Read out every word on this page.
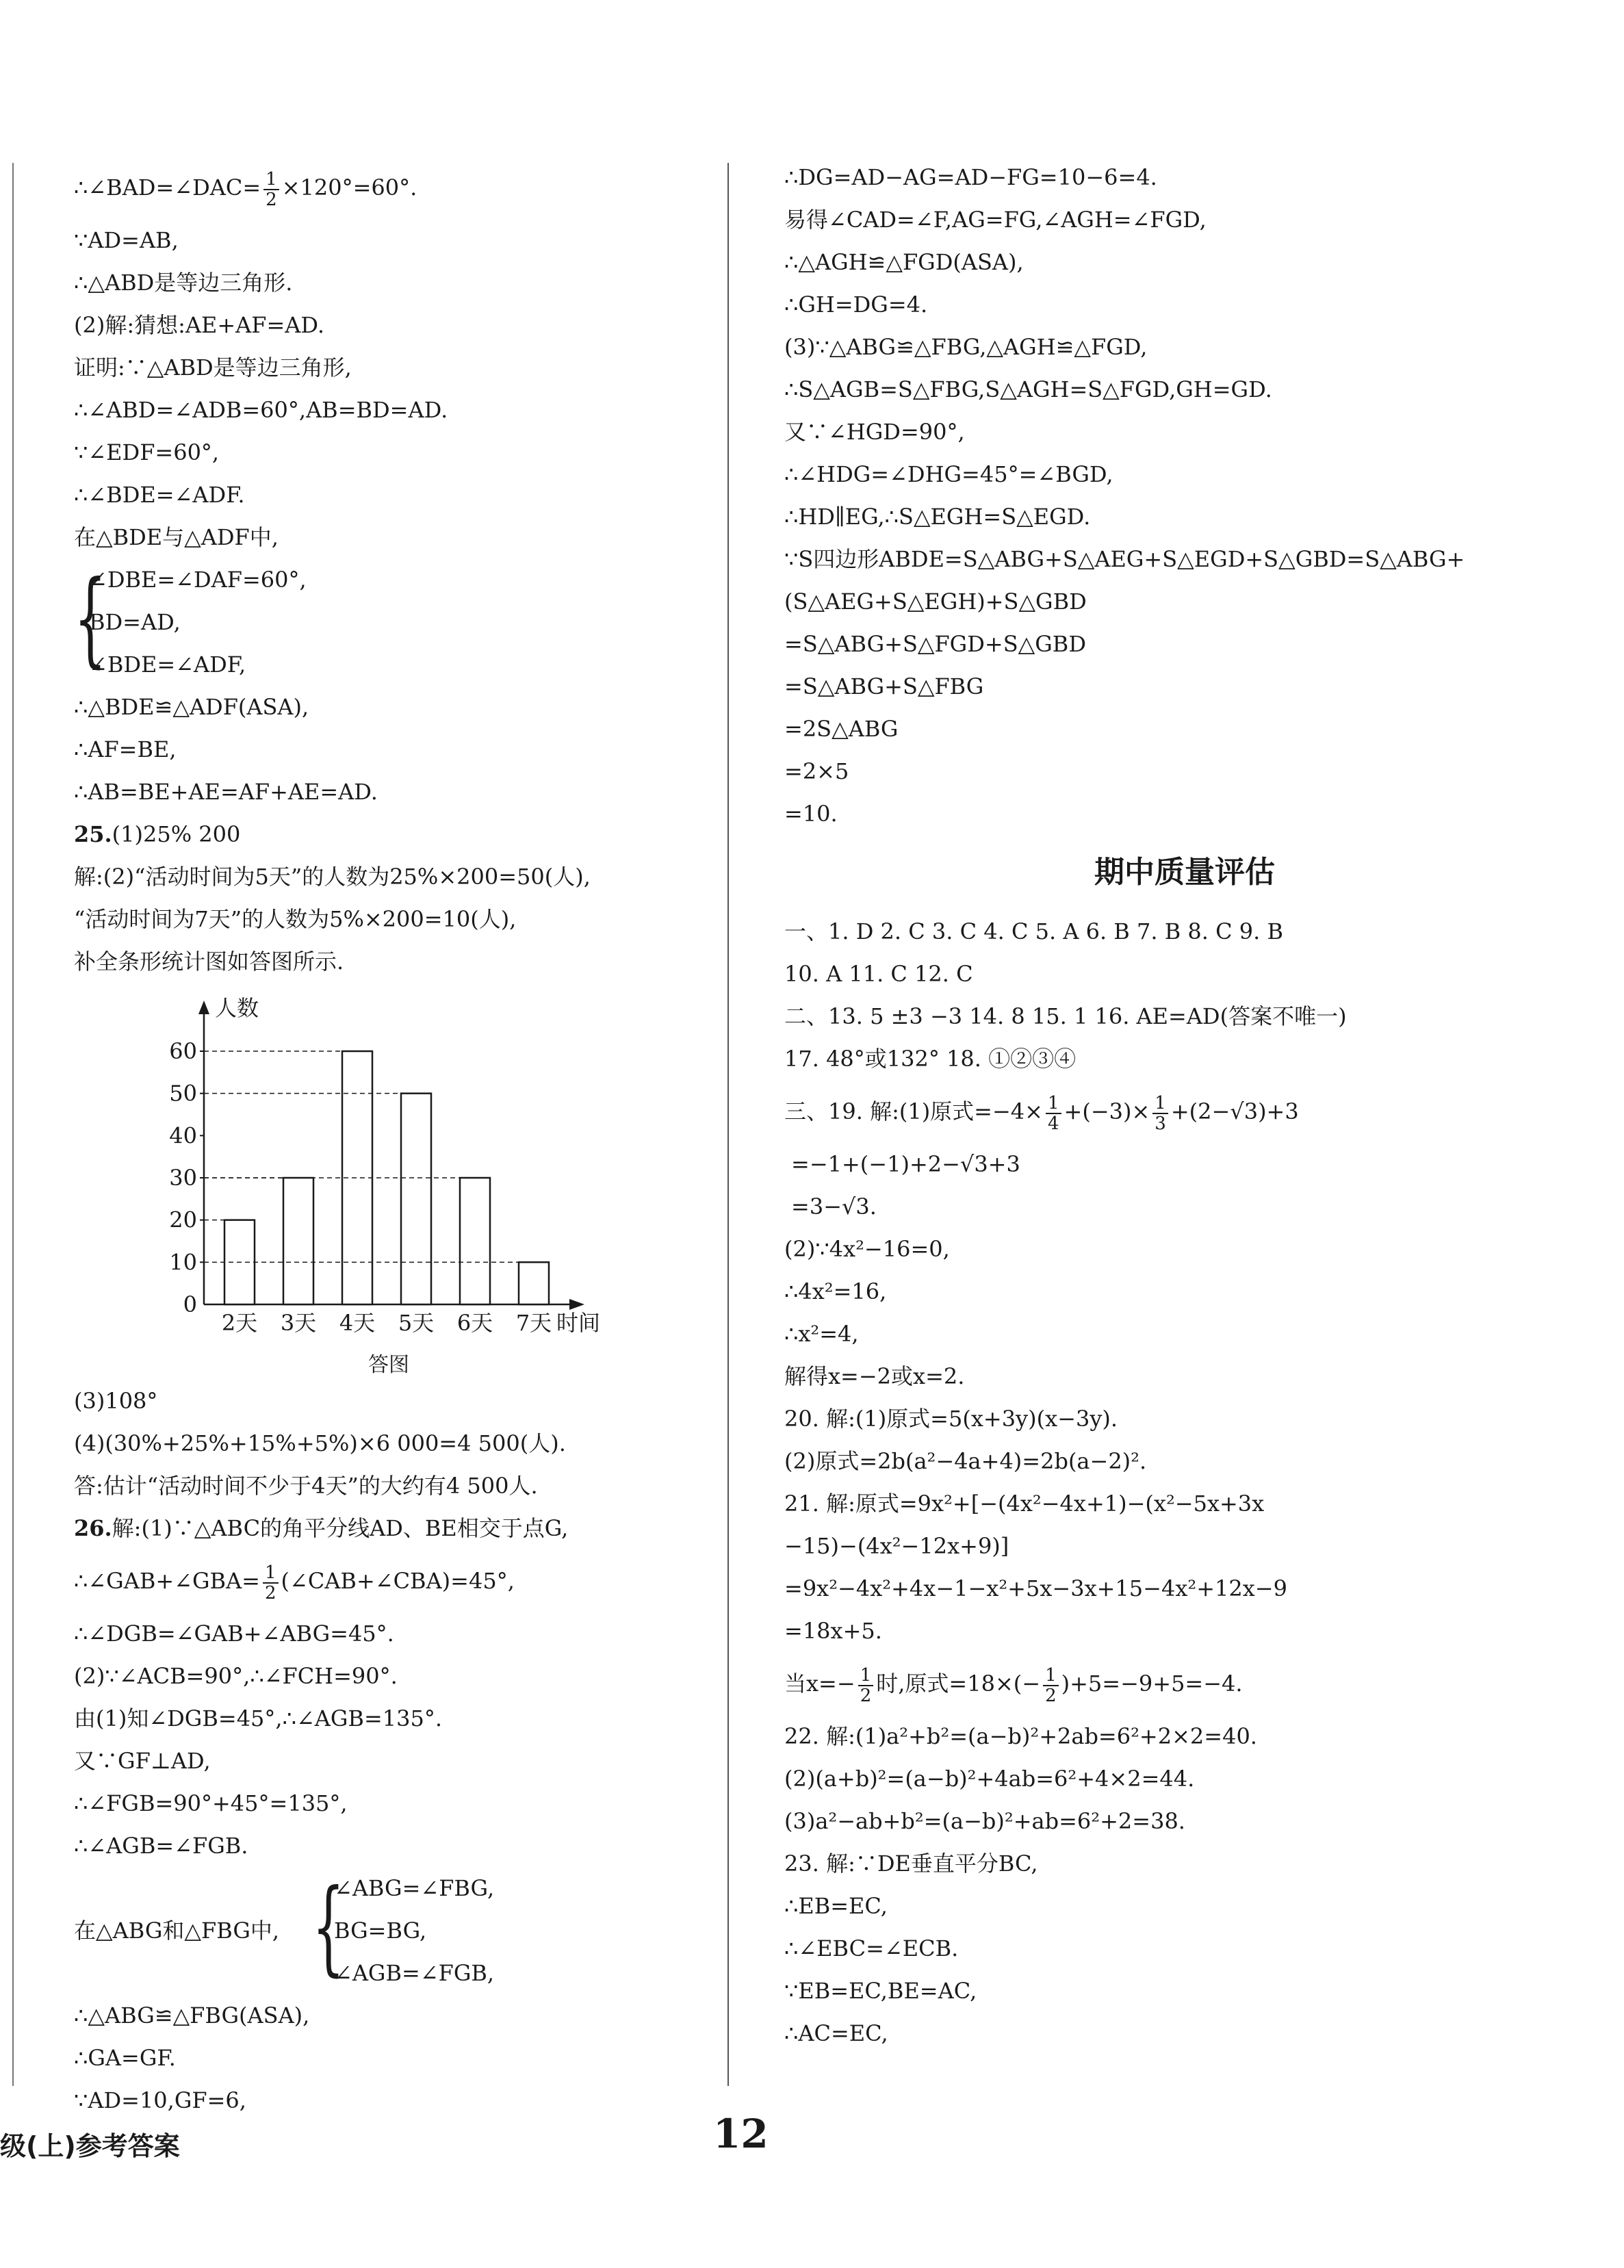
∴∠BAD=∠DAC= $\frac{1}{2} \times 120^\circ=60^\circ$.
∵AD=AB,
∴△ABD是等边三角形.
(2)解:猜想:AE+AF=AD.
证明:∵△ABD是等边三角形,
∴∠ABD=∠ADB=60°,AB=BD=AD.
∵∠EDF=60°,
∴∠BDE=∠ADF.
在△BDE与△ADF中,
{
∠DBE=∠DAF=60°,
BD=AD,
∠BDE=∠ADF,
∴△BDE≌△ADF(ASA),
∴AF=BE,
∴AB=BE+AE=AF+AE=AD.
25.(1)25% 200
解:(2)“活动时间为5天”的人数为25%×200=50(人),
“活动时间为7天”的人数为5%×200=10(人),
补全条形统计图如答图所示.
人数
0
10
20
30
40
50
60
2天 3天 4天 5天 6天 7天 时间
答图
(3)108°
(4)(30%+25%+15%+5%)×6 000=4 500(人).
答:估计“活动时间不少于4天”的大约有4 500人.
26.解:(1)∵△ABC的角平分线AD、BE相交于点G,
∴∠GAB+∠GBA= $\frac{1}{2}$ (∠CAB+∠CBA)=45°,
∴∠DGB=∠GAB+∠ABG=45°.
(2)∵∠ACB=90°,∴∠FCH=90°.
由(1)知∠DGB=45°,∴∠AGB=135°.
又∵GF⊥AD,
∴∠FGB=90°+45°=135°,
∴∠AGB=∠FGB.
在△ABG和△FBG中, {
∠ABG=∠FBG,
BG=BG,
∠AGB=∠FGB,
∴△ABG≌△FBG(ASA),
∴GA=GF.
∵AD=10,GF=6,
∴DG=AD−AG=AD−FG=10−6=4.
易得∠CAD=∠F,AG=FG,∠AGH=∠FGD,
∴△AGH≌△FGD(ASA),
∴GH=DG=4.
(3)∵△ABG≌△FBG,△AGH≌△FGD,
∴S△AGB=S△FBG,S△AGH=S△FGD,GH=GD.
又∵∠HGD=90°,
∴∠HDG=∠DHG=45°=∠BGD,
∴HD∥EG,∴S△EGH=S△EGD.
∵S四边形ABDE=S△ABG+S△AEG+S△EGD+S△GBD=S△ABG+
(S△AEG+S△EGH)+S△GBD
=S△ABG+S△FGD+S△GBD
=S△ABG+S△FBG
=2S△ABG
=2×5
=10.
期中质量评估
一、1. D 2. C 3. C 4. C 5. A 6. B 7. B 8. C 9. B
10. A 11. C 12. C
二、13. 5 ±3 −3 14. 8 15. 1 16. AE=AD(答案不唯一)
17. 48°或132° 18. ①②③④
三、19. 解:(1)原式$=-4\times \frac{1}{4} +(-3)\times \frac{1}{3} +(2-√3)+3$
=−1+(−1)+2−√3+3
=3−√3.
(2)∵4x²−16=0,
∴4x²=16,
∴x²=4,
解得x=−2或x=2.
20. 解:(1)原式=5(x+3y)(x−3y).
(2)原式=2b(a²−4a+4)=2b(a−2)².
21. 解:原式=9x²+[−(4x²−4x+1)−(x²−5x+3x
−15)−(4x²−12x+9)]
=9x²−4x²+4x−1−x²+5x−3x+15−4x²+12x−9
=18x+5.
当$x=- \frac{1}{2}$ 时,原式$=18\times(- \frac{1}{2} )+5=-9+5=-4$.
22. 解:(1)a²+b²=(a−b)²+2ab=6²+2×2=40.
(2)(a+b)²=(a−b)²+4ab=6²+4×2=44.
(3)a²−ab+b²=(a−b)²+ab=6²+2=38.
23. 解:∵DE垂直平分BC,
∴EB=EC,
∴∠EBC=∠ECB.
∵EB=EC,BE=AC,
∴AC=EC,
级(上)参考答案	12
